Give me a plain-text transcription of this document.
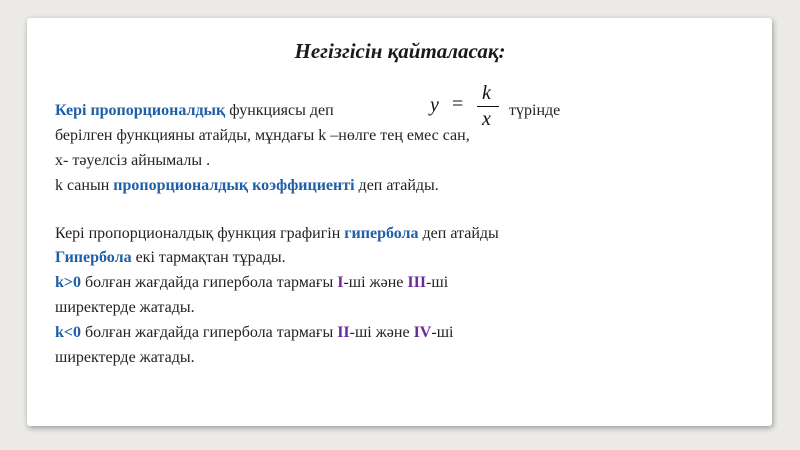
Негізгісін қайталасақ:
Кері пропорционалдық функциясы деп	түрінде
y = k
x
берілген функцияны атайды, мұндағы k –нөлге тең емес сан,
x- тәуелсіз айнымалы .
k санын пропорционалдық коэффициенті деп атайды.
Кері пропорционалдық функция графигін гипербола деп атайды
Гипербола екі тармақтан тұрады.
k>0 болған жағдайда гипербола тармағы I-ші және III-ші
ширектерде жатады.
k<0 болған жағдайда гипербола тармағы II-ші және IV-ші
ширектерде жатады.
